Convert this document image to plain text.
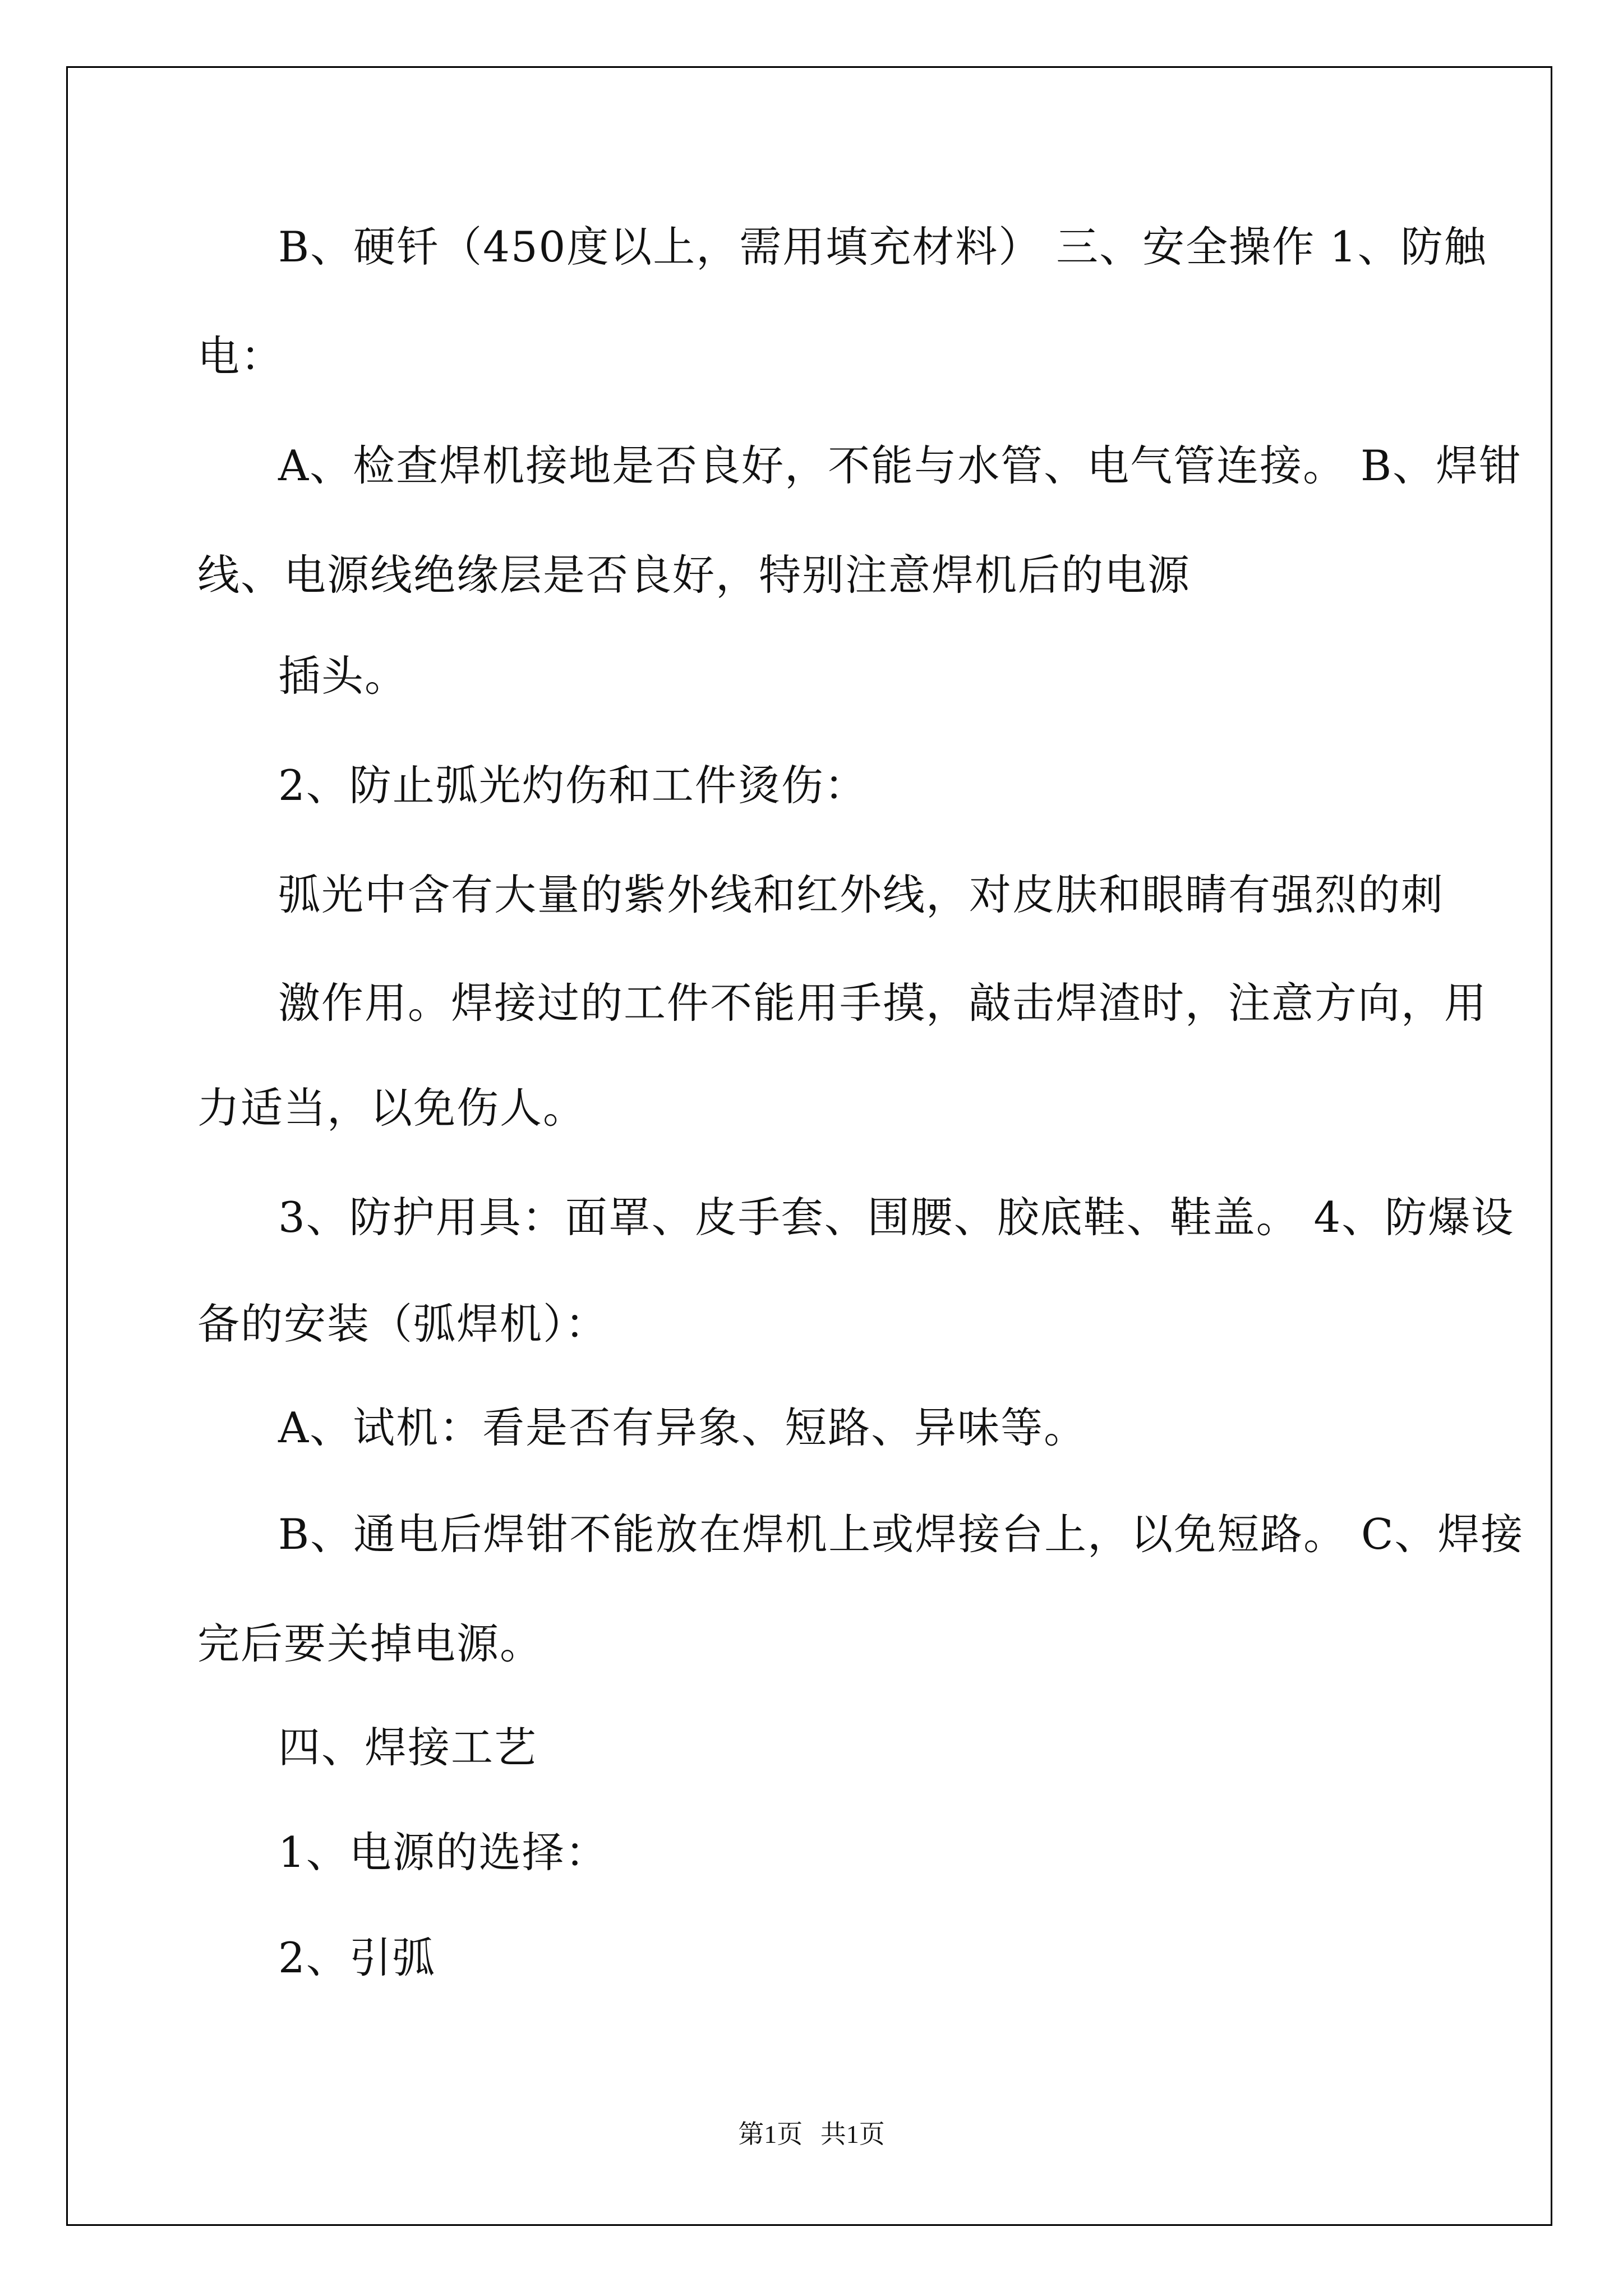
B、硬钎（450度以上，需用填充材料） 三、安全操作 1、防触
电：
A、检查焊机接地是否良好，不能与水管、电气管连接。 B、焊钳
线、电源线绝缘层是否良好，特别注意焊机后的电源
插头。
2、防止弧光灼伤和工件烫伤：
弧光中含有大量的紫外线和红外线，对皮肤和眼睛有强烈的刺
激作用。焊接过的工件不能用手摸，敲击焊渣时，注意方向，用
力适当，以免伤人。
3、防护用具：面罩、皮手套、围腰、胶底鞋、鞋盖。 4、防爆设
备的安装（弧焊机）：
A、试机：看是否有异象、短路、异味等。
B、通电后焊钳不能放在焊机上或焊接台上，以免短路。 C、焊接
完后要关掉电源。
四、焊接工艺
1、电源的选择：
2、引弧
第1页 共1页
